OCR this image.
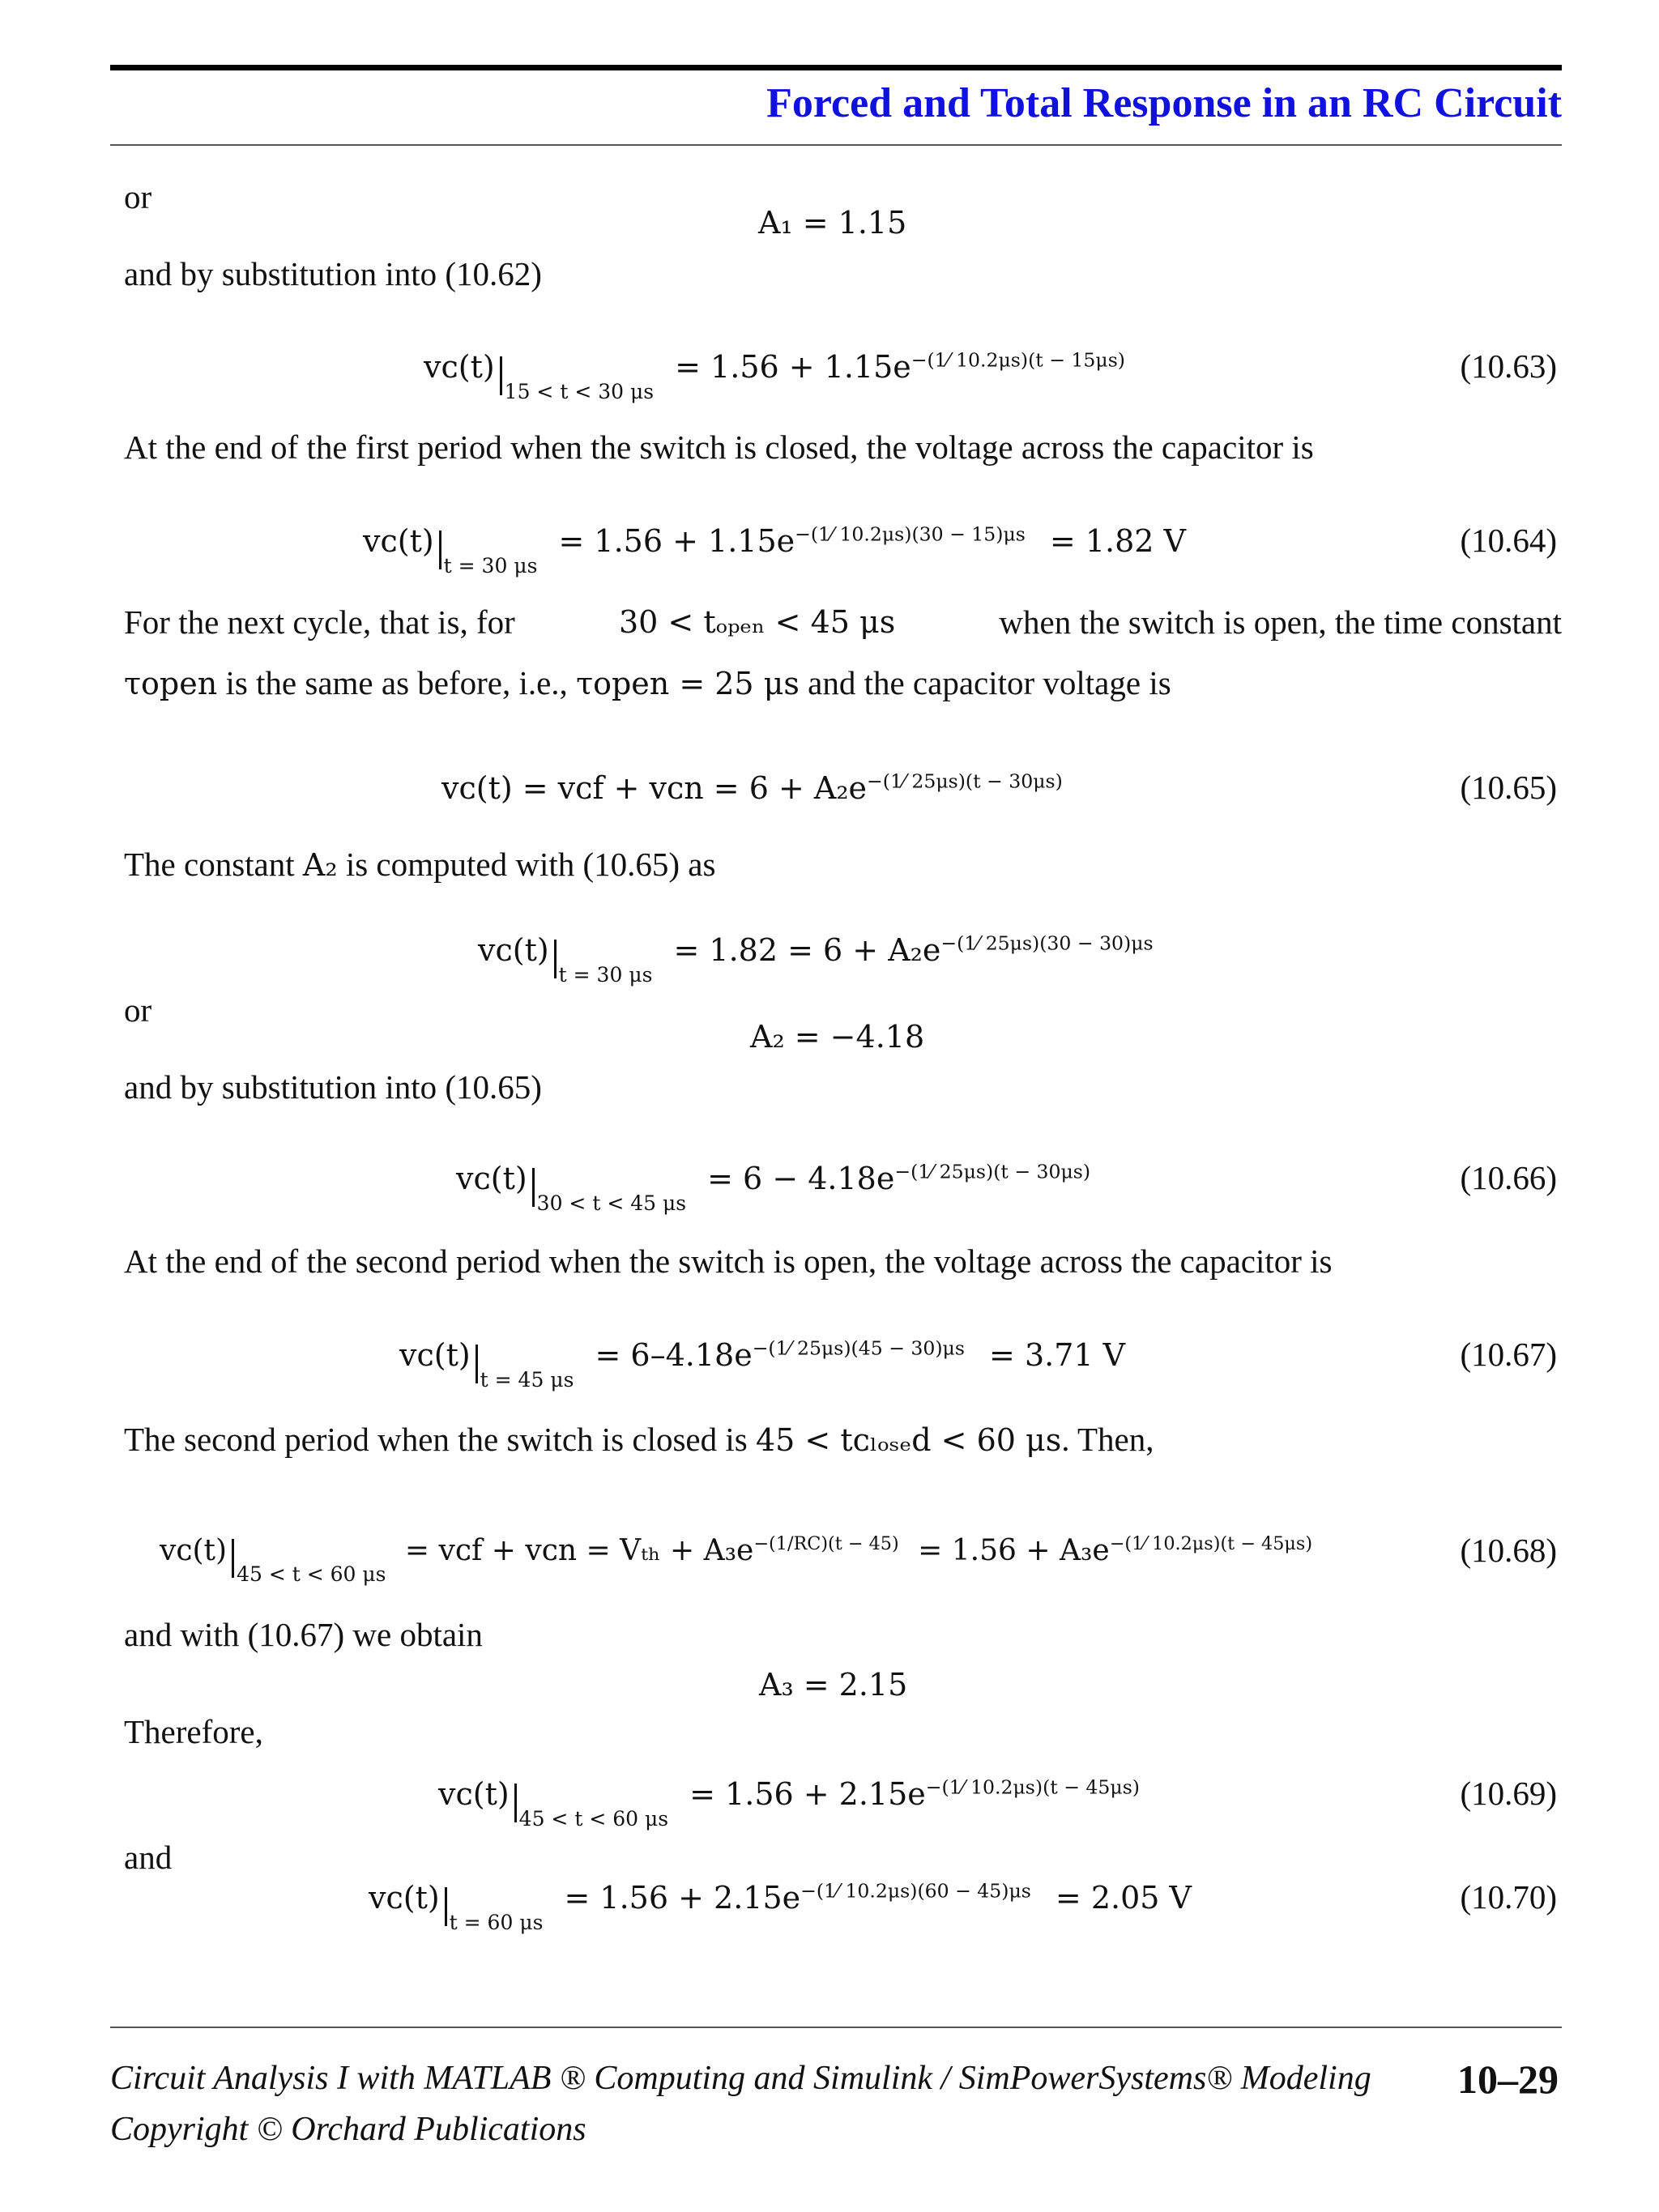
Forced and Total Response in an RC Circuit
or
A₁ = 1.15
and by substitution into (10.62)
$vᴄ(t)_{15 < t < 30 \mu s} = 1.56 + 1.15e^{-(1⁄ 10.2\mu s)(t - 15\mu s)}$	(10.63)
At the end of the first period when the switch is closed, the voltage across the capacitor is
$vᴄ(t)_{t = 30 \mu s} = 1.56 + 1.15e^{-(1⁄ 10.2\mu s)(30 - 15)\mu s} = 1.82$ V	(10.64)
For the next cycle, that is, for	30 < tₒₚₑₙ < 45 μs	when the switch is open, the time constant
τopen is the same as before, i.e., τopen = 25 μs and the capacitor voltage is
vᴄ(t) = vᴄf + vᴄn = $6 + A_2e^{-(1⁄ 25\mu s)(t - 30\mu s)}$	(10.65)
The constant A₂ is computed with (10.65) as
$vᴄ(t)_{t = 30 \mu s} = 1.82 = 6 + A_2e^{-(1⁄ 25\mu s)(30 - 30)\mu s}$
or
A₂ = −4.18
and by substitution into (10.65)
$vᴄ(t)_{30 < t < 45 \mu s} = 6 - 4.18e^{-(1⁄ 25\mu s)(t - 30\mu s)}$	(10.66)
At the end of the second period when the switch is open, the voltage across the capacitor is
$vᴄ(t)_{t = 45 \mu s} = 6-4.18e^{-(1⁄ 25\mu s)(45 - 30)\mu s} = 3.71$ V	(10.67)
The second period when the switch is closed is 45 < tᴄₗₒₛₑd < 60 μs. Then,
$vᴄ(t)_{45 < t < 60 \mu s}$ = vᴄf + vᴄn = $V_{th} + A_3e^{-(1/RC)(t - 45)} = 1.56 + A_3e^{-(1⁄ 10.2\mu s)(t - 45\mu s)}$	(10.68)
and with (10.67) we obtain
A₃ = 2.15
Therefore,
$vᴄ(t)_{45 < t < 60 \mu s} = 1.56 + 2.15e^{-(1⁄ 10.2\mu s)(t - 45\mu s)}$	(10.69)
and
$vᴄ(t)_{t = 60 \mu s} = 1.56 + 2.15e^{-(1⁄ 10.2\mu s)(60 - 45)\mu s} = 2.05$ V	(10.70)
Circuit Analysis I with MATLAB ® Computing and Simulink / SimPowerSystems® Modeling 10–29
Copyright © Orchard Publications
